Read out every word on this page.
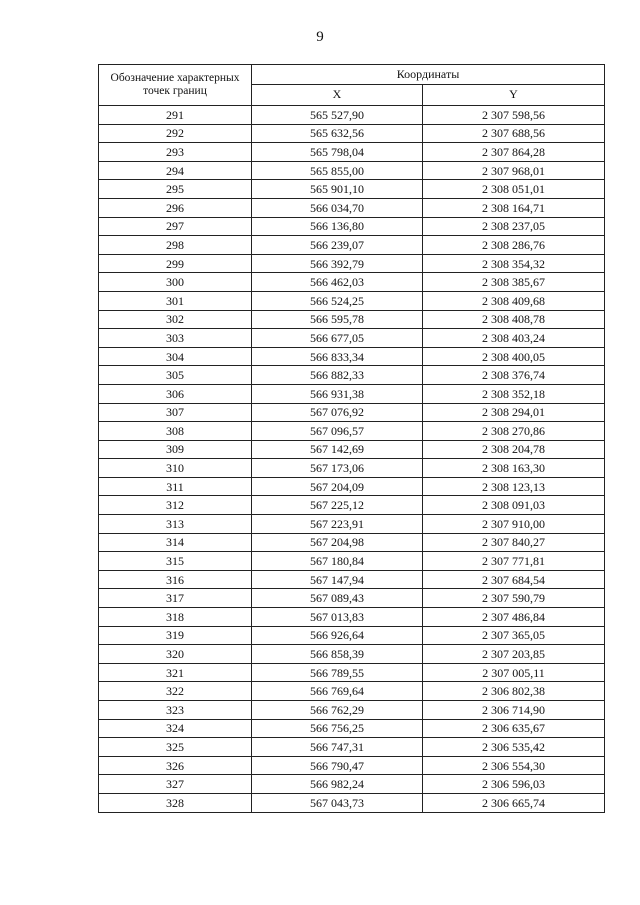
9
Обозначение характерных точек границ	Координаты	
	X	Y
291	565 527,90	2 307 598,56
292	565 632,56	2 307 688,56
293	565 798,04	2 307 864,28
294	565 855,00	2 307 968,01
295	565 901,10	2 308 051,01
296	566 034,70	2 308 164,71
297	566 136,80	2 308 237,05
298	566 239,07	2 308 286,76
299	566 392,79	2 308 354,32
300	566 462,03	2 308 385,67
301	566 524,25	2 308 409,68
302	566 595,78	2 308 408,78
303	566 677,05	2 308 403,24
304	566 833,34	2 308 400,05
305	566 882,33	2 308 376,74
306	566 931,38	2 308 352,18
307	567 076,92	2 308 294,01
308	567 096,57	2 308 270,86
309	567 142,69	2 308 204,78
310	567 173,06	2 308 163,30
311	567 204,09	2 308 123,13
312	567 225,12	2 308 091,03
313	567 223,91	2 307 910,00
314	567 204,98	2 307 840,27
315	567 180,84	2 307 771,81
316	567 147,94	2 307 684,54
317	567 089,43	2 307 590,79
318	567 013,83	2 307 486,84
319	566 926,64	2 307 365,05
320	566 858,39	2 307 203,85
321	566 789,55	2 307 005,11
322	566 769,64	2 306 802,38
323	566 762,29	2 306 714,90
324	566 756,25	2 306 635,67
325	566 747,31	2 306 535,42
326	566 790,47	2 306 554,30
327	566 982,24	2 306 596,03
328	567 043,73	2 306 665,74
